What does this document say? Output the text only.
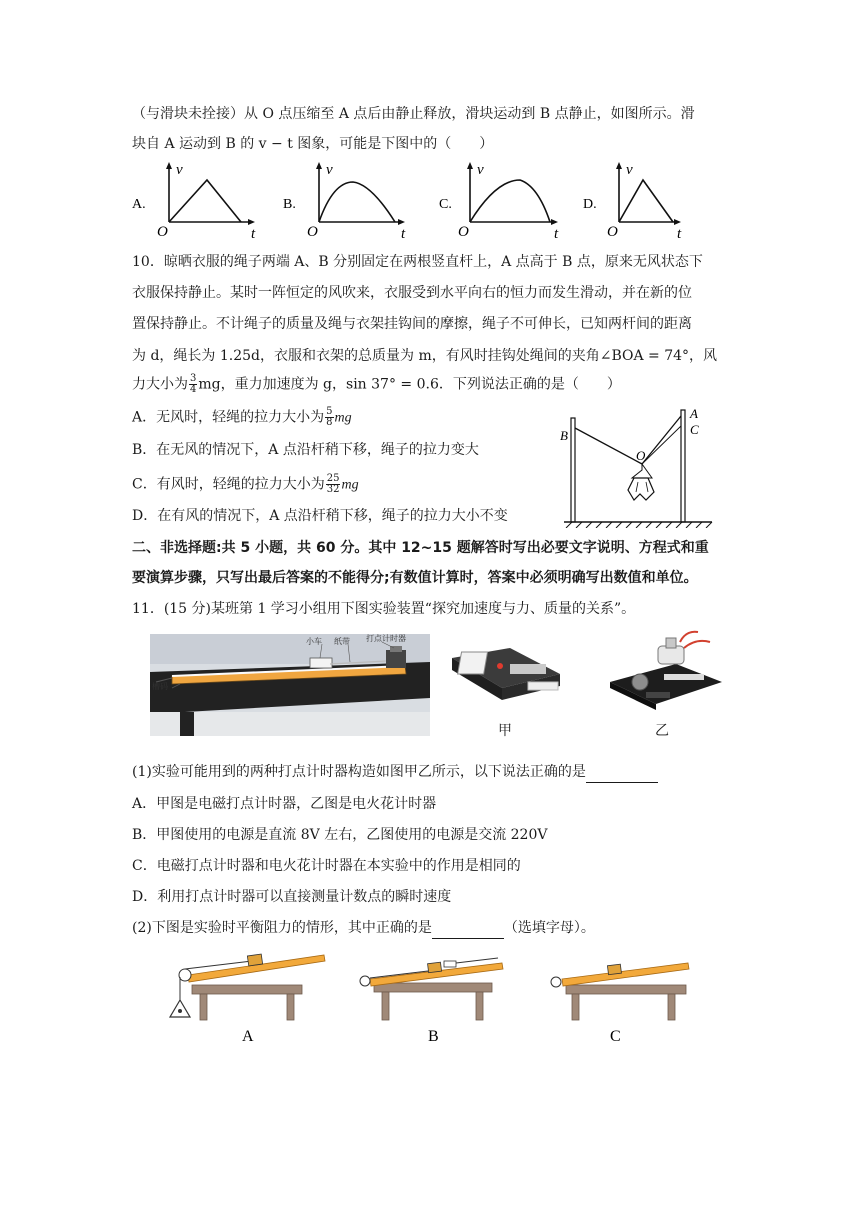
（与滑块未拴接）从 O 点压缩至 A 点后由静止释放，滑块运动到 B 点静止，如图所示。滑
块自 A 运动到 B 的 v − t 图象，可能是下图中的（　　）
A.
v
O	t
B.
v
O	t
C.
v
O	t
D.
v
O	t
10．晾晒衣服的绳子两端 A、B 分别固定在两根竖直杆上，A 点高于 B 点，原来无风状态下
衣服保持静止。某时一阵恒定的风吹来，衣服受到水平向右的恒力而发生滑动，并在新的位
置保持静止。不计绳子的质量及绳与衣架挂钩间的摩擦，绳子不可伸长，已知两杆间的距离
为 d，绳长为 1.25d，衣服和衣架的总质量为 m，有风时挂钩处绳间的夹角∠BOA = 74°，风
力大小为 $\frac{3}{4}$ mg，重力加速度为 g，sin 37° = 0.6．下列说法正确的是（　　）
A．无风时，轻绳的拉力大小为 $\frac{5}{8}$ mg
B．在无风的情况下，A 点沿杆稍下移，绳子的拉力变大
C．有风时，轻绳的拉力大小为 $\frac{25}{32}$ mg
D．在有风的情况下，A 点沿杆稍下移，绳子的拉力大小不变
B
O
A
C
二、非选择题:共 5 小题，共 60 分。其中 12~15 题解答时写出必要文字说明、方程式和重
要演算步骤，只写出最后答案的不能得分;有数值计算时，答案中必须明确写出数值和单位。
11．(15 分)某班第 1 学习小组用下图实验装置“探究加速度与力、质量的关系”。
小车 纸带 打点计时器
槽码
甲	乙
(1)实验可能用到的两种打点计时器构造如图甲乙所示，以下说法正确的是
A．甲图是电磁打点计时器，乙图是电火花计时器
B．甲图使用的电源是直流 8V 左右，乙图使用的电源是交流 220V
C．电磁打点计时器和电火花计时器在本实验中的作用是相同的
D．利用打点计时器可以直接测量计数点的瞬时速度
(2)下图是实验时平衡阻力的情形，其中正确的是	（选填字母）。
A	B	C
